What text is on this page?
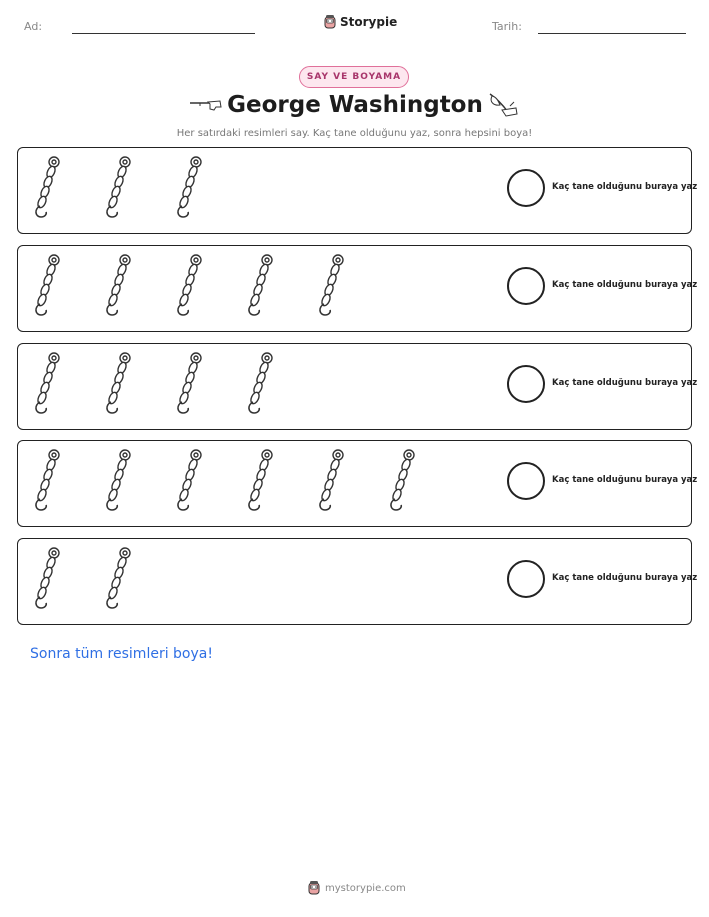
Ad:	Storypie	Tarih:
SAY VE BOYAMA
George Washington
Her satırdaki resimleri say. Kaç tane olduğunu yaz, sonra hepsini boya!
Kaç tane olduğunu buraya yaz
Kaç tane olduğunu buraya yaz
Kaç tane olduğunu buraya yaz
Kaç tane olduğunu buraya yaz
Kaç tane olduğunu buraya yaz
Sonra tüm resimleri boya!
mystorypie.com
